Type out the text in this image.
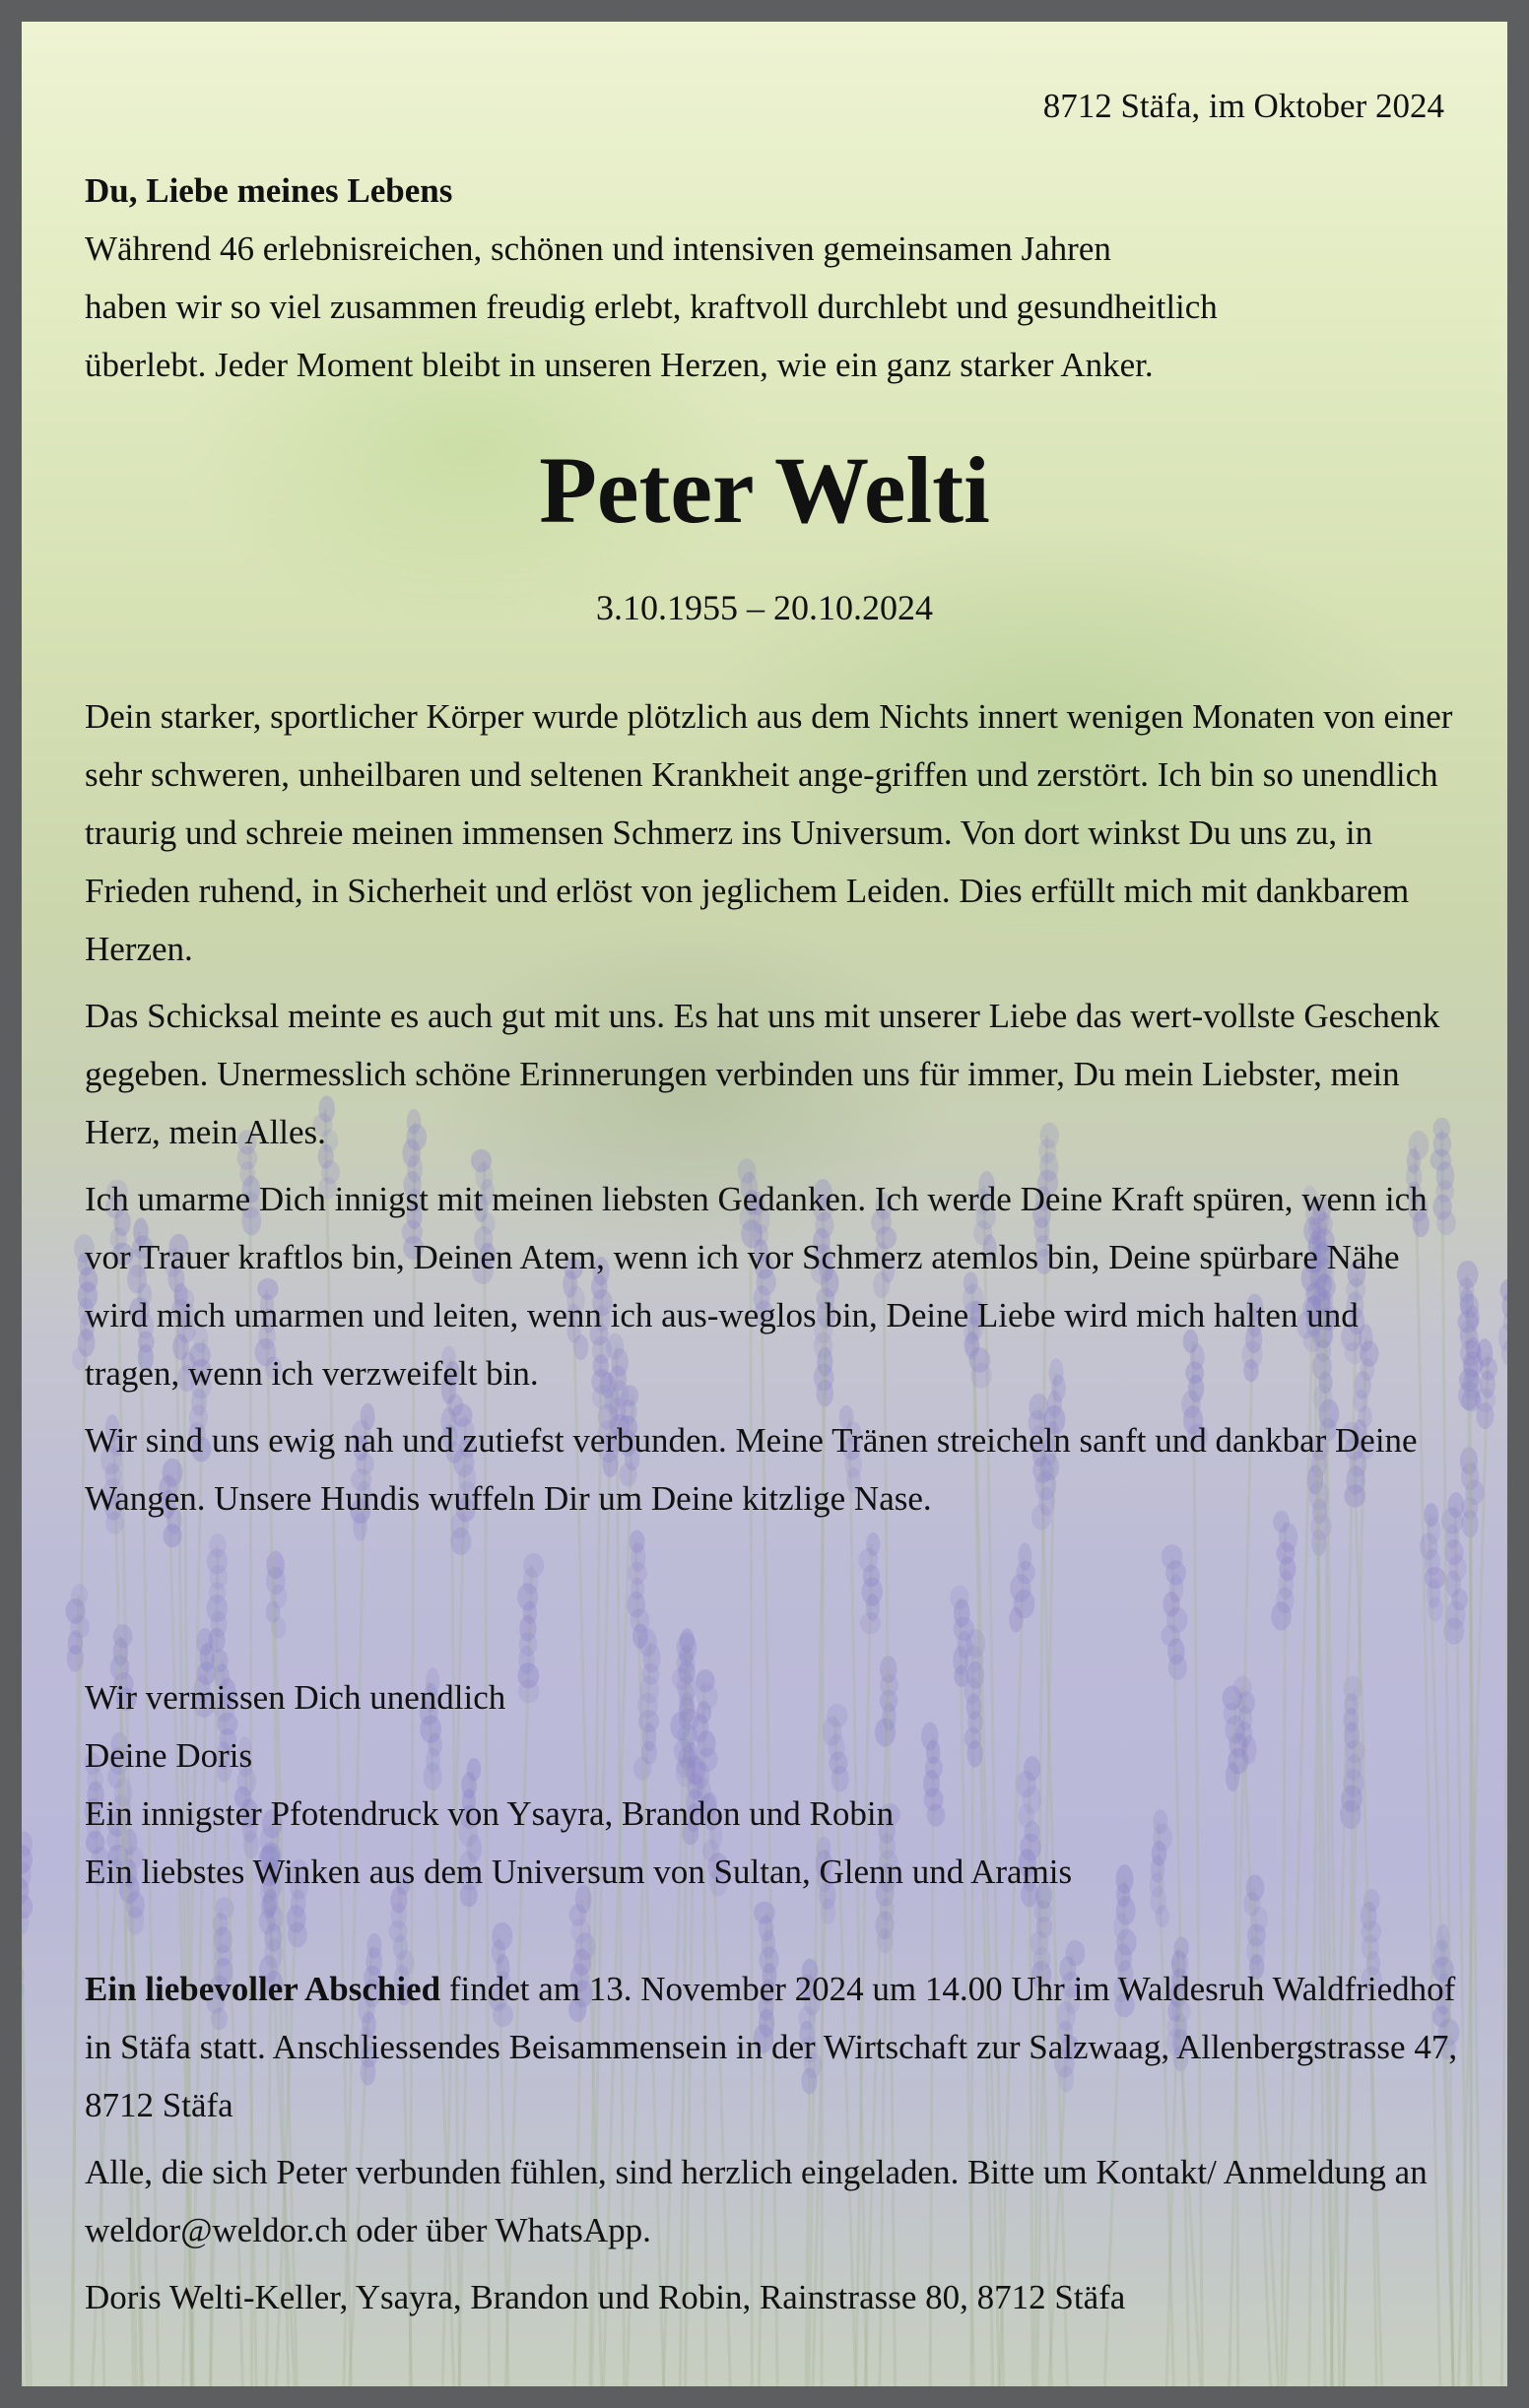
8712 Stäfa, im Oktober 2024
Du, Liebe meines Lebens
Während 46 erlebnisreichen, schönen und intensiven gemeinsamen Jahren
haben wir so viel zusammen freudig erlebt, kraftvoll durchlebt und gesundheitlich
überlebt. Jeder Moment bleibt in unseren Herzen, wie ein ganz starker Anker.
Peter Welti
3.10.1955 – 20.10.2024

Dein starker, sportlicher Körper wurde plötzlich aus dem Nichts innert wenigen Monaten von einer sehr schweren, unheilbaren und seltenen Krankheit ange-griffen und zerstört. Ich bin so unendlich traurig und schreie meinen immensen Schmerz ins Universum. Von dort winkst Du uns zu, in Frieden ruhend, in Sicherheit und erlöst von jeglichem Leiden. Dies erfüllt mich mit dankbarem Herzen.

Das Schicksal meinte es auch gut mit uns. Es hat uns mit unserer Liebe das wert-vollste Geschenk gegeben. Unermesslich schöne Erinnerungen verbinden uns für immer, Du mein Liebster, mein Herz, mein Alles.

Ich umarme Dich innigst mit meinen liebsten Gedanken. Ich werde Deine Kraft spüren, wenn ich vor Trauer kraftlos bin, Deinen Atem, wenn ich vor Schmerz atemlos bin, Deine spürbare Nähe wird mich umarmen und leiten, wenn ich aus-weglos bin, Deine Liebe wird mich halten und tragen, wenn ich verzweifelt bin.

Wir sind uns ewig nah und zutiefst verbunden. Meine Tränen streicheln sanft und dankbar Deine Wangen. Unsere Hundis wuffeln Dir um Deine kitzlige Nase.

Wir vermissen Dich unendlich
Deine Doris
Ein innigster Pfotendruck von Ysayra, Brandon und Robin
Ein liebstes Winken aus dem Universum von Sultan, Glenn und Aramis

Ein liebevoller Abschied findet am 13. November 2024 um 14.00 Uhr im Waldesruh Waldfriedhof in Stäfa statt. Anschliessendes Beisammensein in der Wirtschaft zur Salzwaag, Allenbergstrasse 47, 8712 Stäfa

Alle, die sich Peter verbunden fühlen, sind herzlich eingeladen. Bitte um Kontakt/ Anmeldung an weldor@weldor.ch oder über WhatsApp.

Doris Welti-Keller, Ysayra, Brandon und Robin, Rainstrasse 80, 8712 Stäfa
